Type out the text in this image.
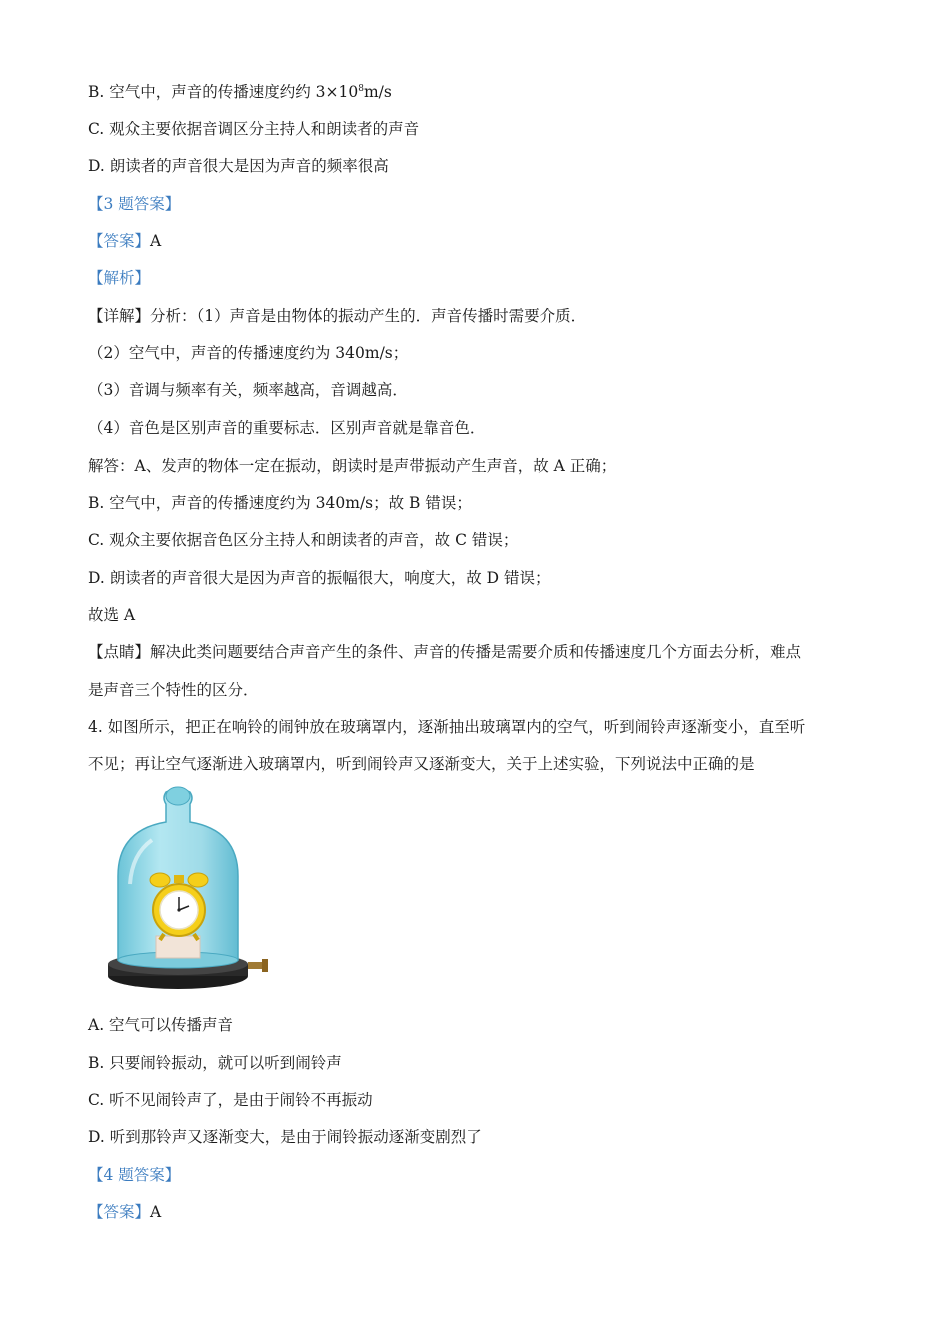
B. 空气中，声音的传播速度约约 $3\times 10^8m/s$
C. 观众主要依据音调区分主持人和朗读者的声音
D. 朗读者的声音很大是因为声音的频率很高
【3 题答案】
【答案】A
【解析】
【详解】分析：（1）声音是由物体的振动产生的．声音传播时需要介质．
（2）空气中，声音的传播速度约为 340m/s；
（3）音调与频率有关，频率越高，音调越高．
（4）音色是区别声音的重要标志．区别声音就是靠音色．
解答：A、发声的物体一定在振动，朗读时是声带振动产生声音，故 A 正确；
B. 空气中，声音的传播速度约为 340m/s；故 B 错误；
C. 观众主要依据音色区分主持人和朗读者的声音，故 C 错误；
D. 朗读者的声音很大是因为声音的振幅很大，响度大，故 D 错误；
故选 A
【点睛】解决此类问题要结合声音产生的条件、声音的传播是需要介质和传播速度几个方面去分析，难点
是声音三个特性的区分．
4. 如图所示，把正在响铃的闹钟放在玻璃罩内，逐渐抽出玻璃罩内的空气，听到闹铃声逐渐变小，直至听
不见；再让空气逐渐进入玻璃罩内，听到闹铃声又逐渐变大，关于上述实验，下列说法中正确的是
A. 空气可以传播声音
B. 只要闹铃振动，就可以听到闹铃声
C. 听不见闹铃声了，是由于闹铃不再振动
D. 听到那铃声又逐渐变大，是由于闹铃振动逐渐变剧烈了
【4 题答案】
【答案】A
